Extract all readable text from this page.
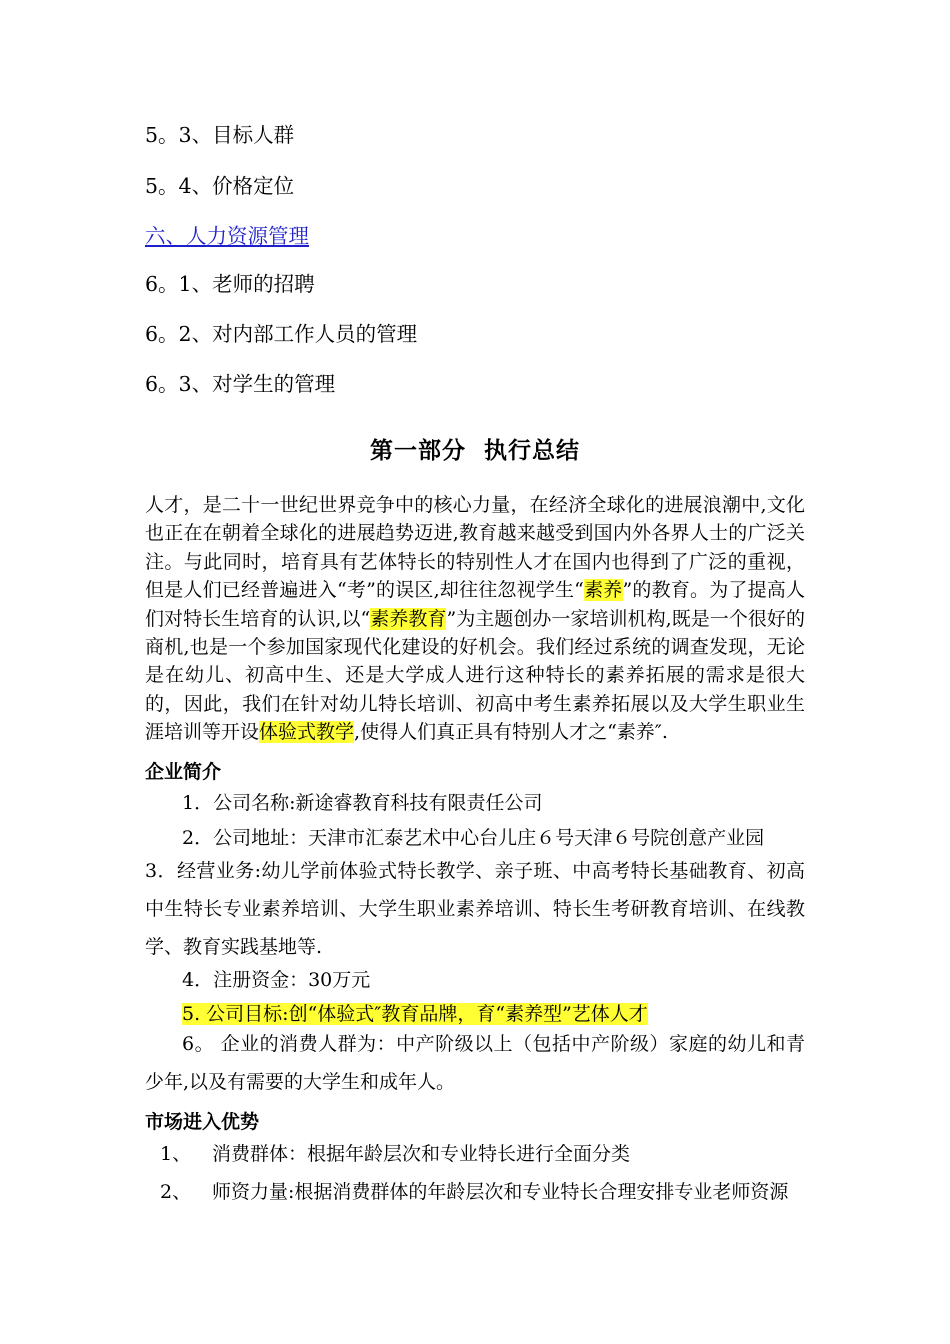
5。3、目标人群
5。4、价格定位
六、人力资源管理
6。1、老师的招聘
6。2、对内部工作人员的管理
6。3、对学生的管理
第一部分  执行总结
人才，是二十一世纪世界竞争中的核心力量，在经济全球化的进展浪潮中,文化也正在在朝着全球化的进展趋势迈进,教育越来越受到国内外各界人士的广泛关注。与此同时，培育具有艺体特长的特别性人才在国内也得到了广泛的重视，但是人们已经普遍进入“考”的误区,却往往忽视学生“素养”的教育。为了提高人们对特长生培育的认识,以“素养教育”为主题创办一家培训机构,既是一个很好的商机,也是一个参加国家现代化建设的好机会。我们经过系统的调查发现，无论是在幼儿、初高中生、还是大学成人进行这种特长的素养拓展的需求是很大的，因此，我们在针对幼儿特长培训、初高中考生素养拓展以及大学生职业生涯培训等开设体验式教学,使得人们真正具有特别人才之“素养″.
企业简介
1．公司名称:新途睿教育科技有限责任公司
2．公司地址：天津市汇泰艺术中心台儿庄６号天津６号院创意产业园
3．经营业务:幼儿学前体验式特长教学、亲子班、中高考特长基础教育、初高中生特长专业素养培训、大学生职业素养培训、特长生考研教育培训、在线教学、教育实践基地等.
4．注册资金：30万元
5. 公司目标:创“体验式″教育品牌，育“素养型”艺体人才
6。 企业的消费人群为：中产阶级以上（包括中产阶级）家庭的幼儿和青少年,以及有需要的大学生和成年人。
市场进入优势
1、 消费群体：根据年龄层次和专业特长进行全面分类
2、 师资力量:根据消费群体的年龄层次和专业特长合理安排专业老师资源
